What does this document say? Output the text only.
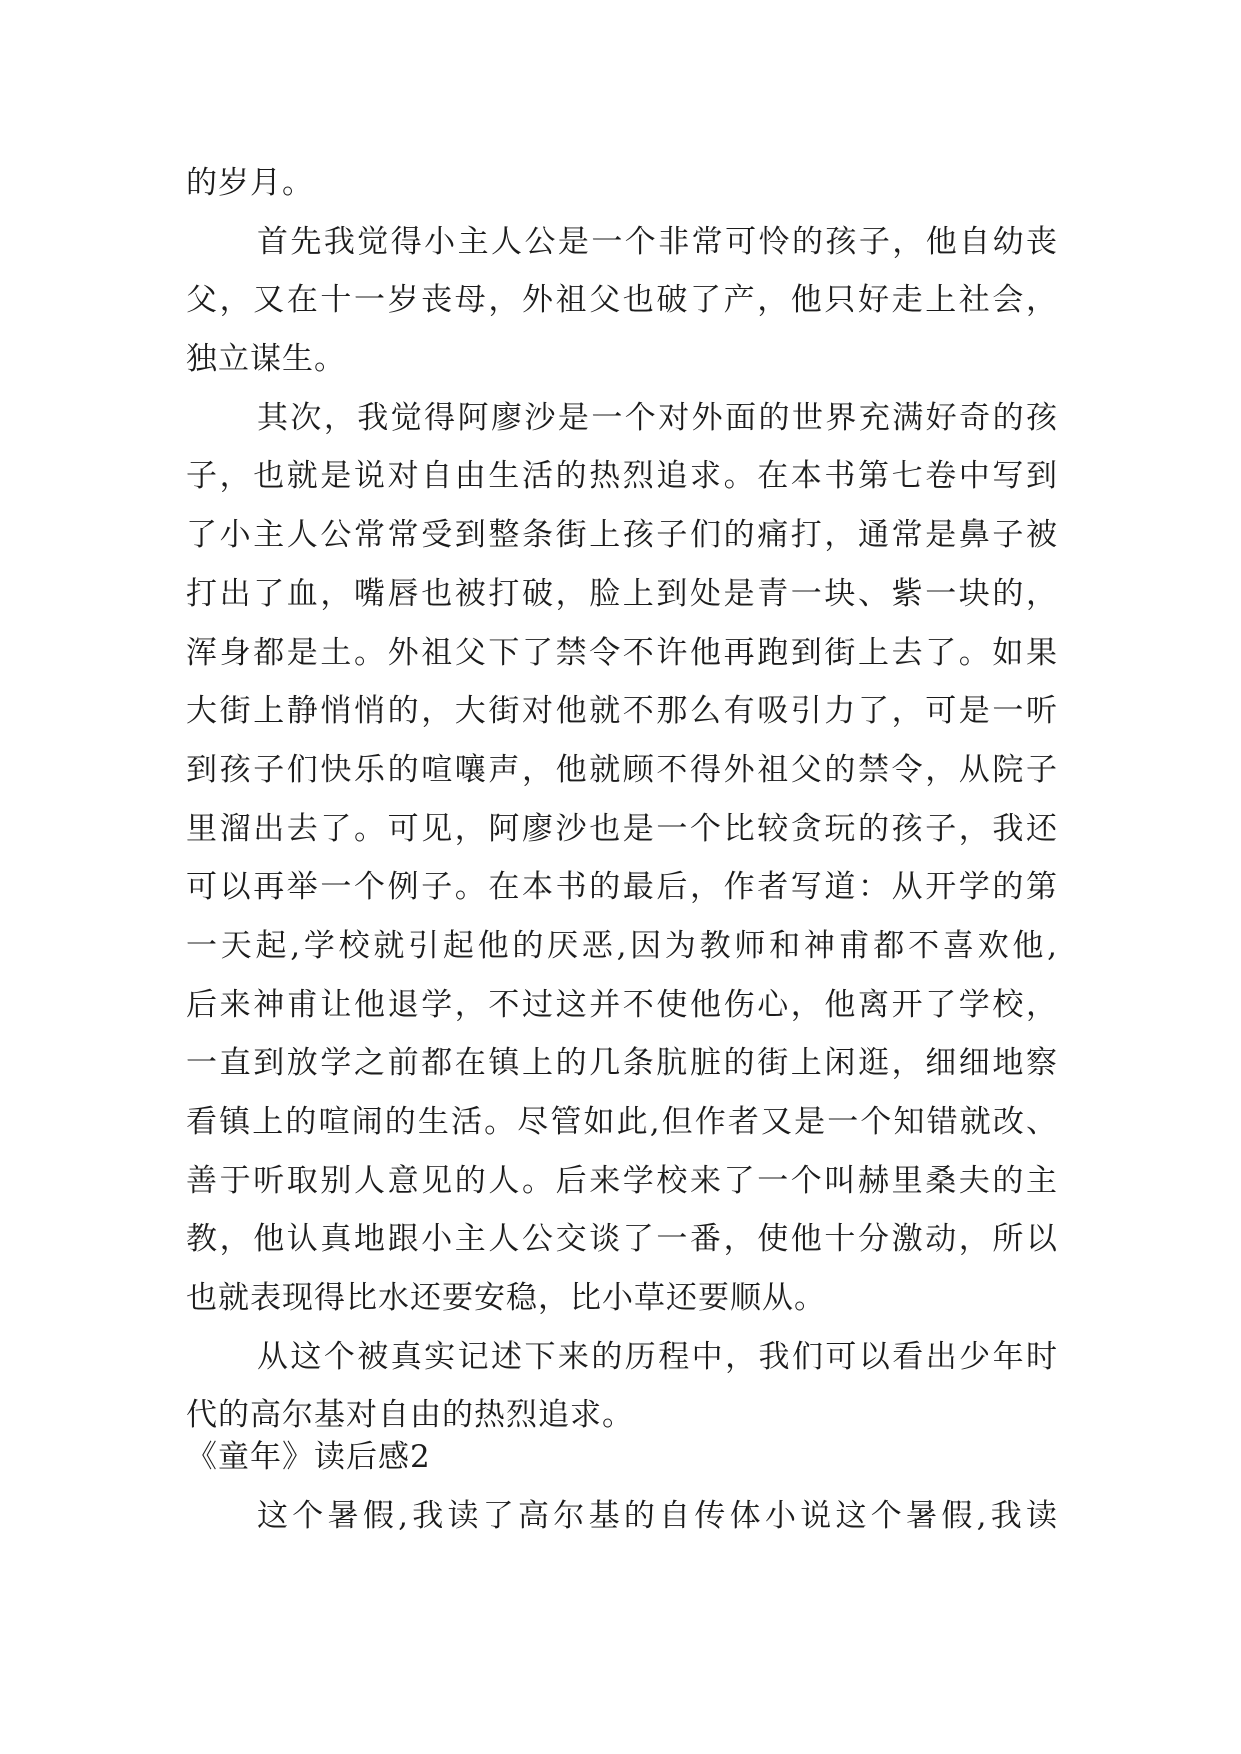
的岁月。
首先我觉得小主人公是一个非常可怜的孩子，他自幼丧
父，又在十一岁丧母，外祖父也破了产，他只好走上社会，
独立谋生。
其次，我觉得阿廖沙是一个对外面的世界充满好奇的孩
子，也就是说对自由生活的热烈追求。在本书第七卷中写到
了小主人公常常受到整条街上孩子们的痛打，通常是鼻子被
打出了血，嘴唇也被打破，脸上到处是青一块、紫一块的，
浑身都是土。外祖父下了禁令不许他再跑到街上去了。如果
大街上静悄悄的，大街对他就不那么有吸引力了，可是一听
到孩子们快乐的喧嚷声，他就顾不得外祖父的禁令，从院子
里溜出去了。可见，阿廖沙也是一个比较贪玩的孩子，我还
可以再举一个例子。在本书的最后，作者写道：从开学的第
一天起,学校就引起他的厌恶,因为教师和神甫都不喜欢他,
后来神甫让他退学，不过这并不使他伤心，他离开了学校，
一直到放学之前都在镇上的几条肮脏的街上闲逛，细细地察
看镇上的喧闹的生活。尽管如此,但作者又是一个知错就改、
善于听取别人意见的人。后来学校来了一个叫赫里桑夫的主
教，他认真地跟小主人公交谈了一番，使他十分激动，所以
也就表现得比水还要安稳，比小草还要顺从。
从这个被真实记述下来的历程中，我们可以看出少年时
代的高尔基对自由的热烈追求。
《童年》读后感2
这个暑假,我读了高尔基的自传体小说这个暑假,我读
